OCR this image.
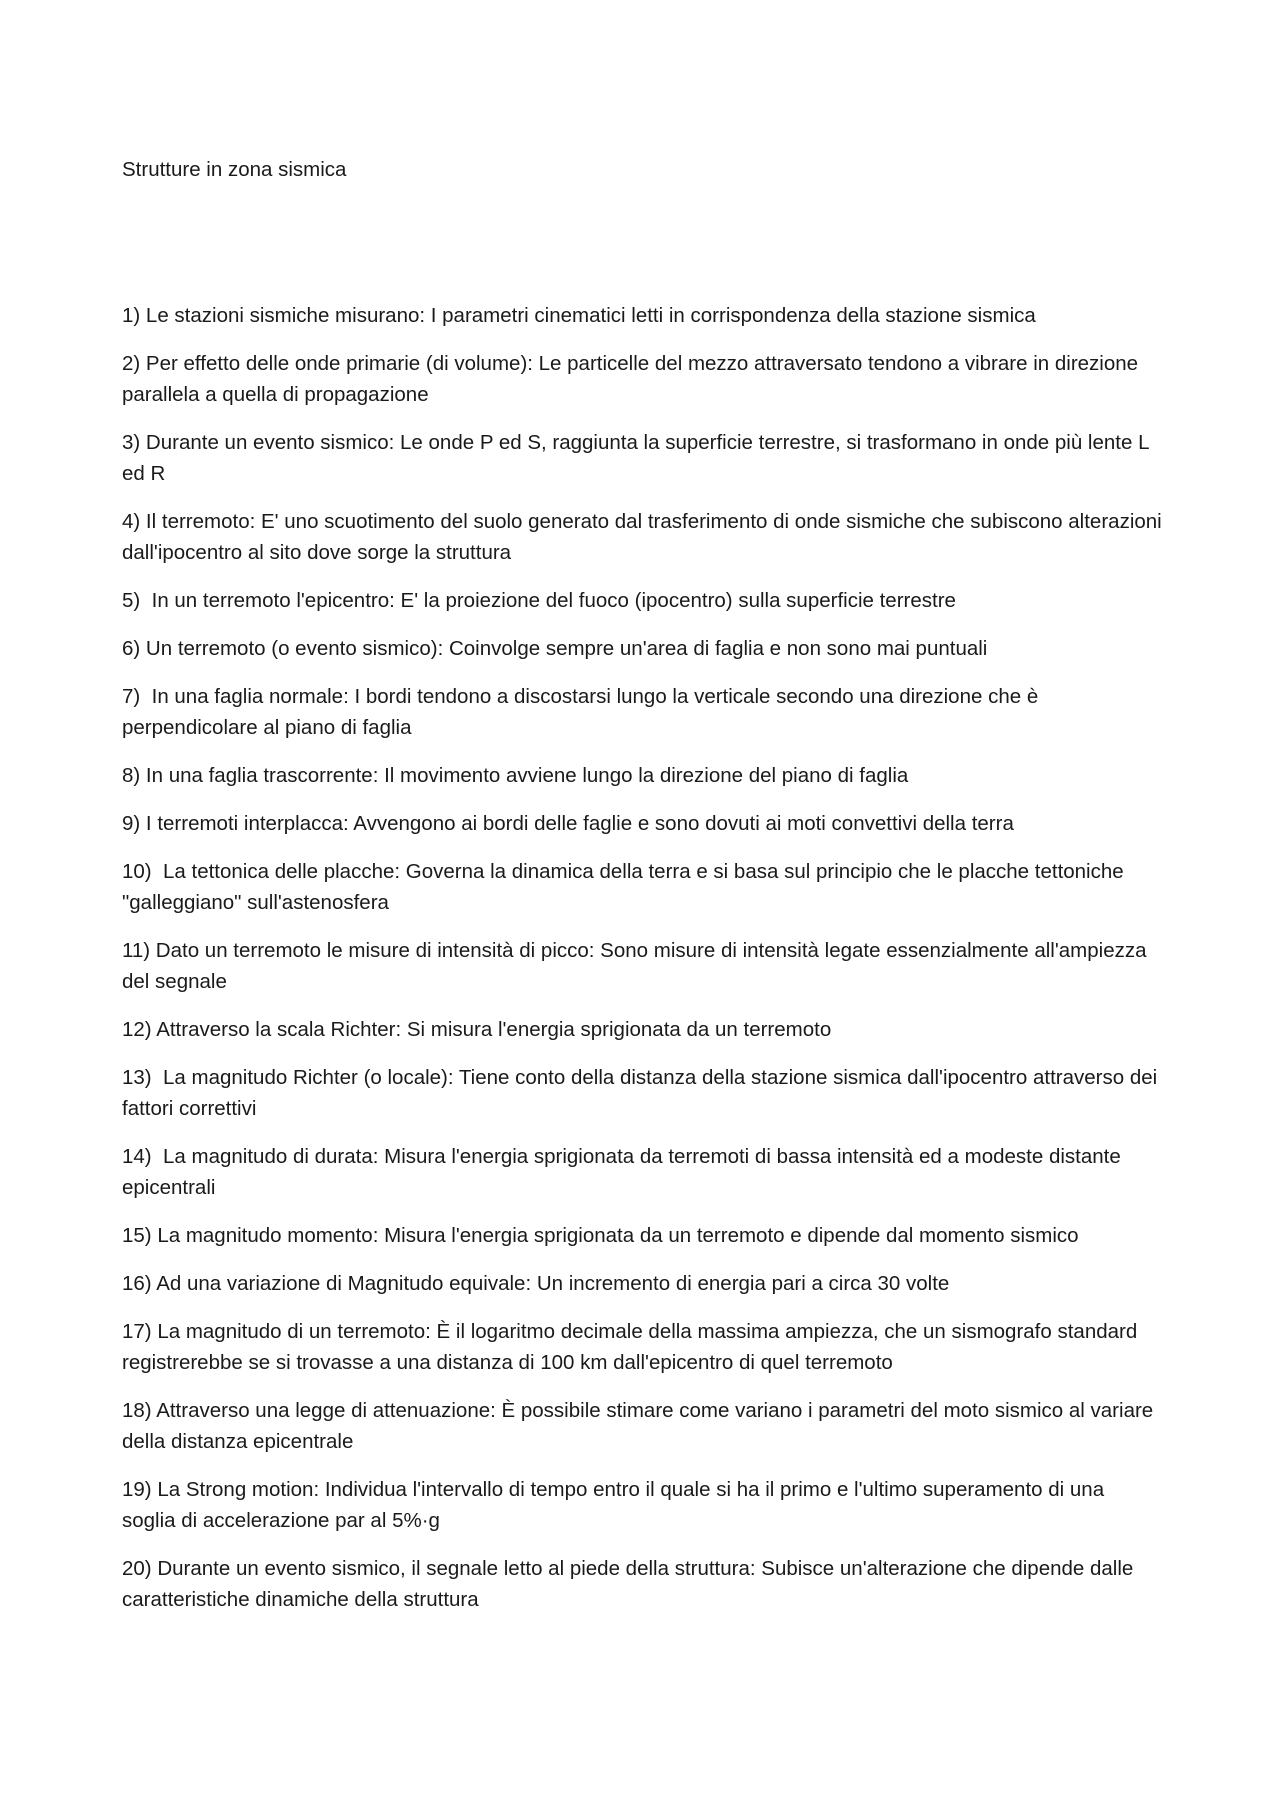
Strutture in zona sismica
1) Le stazioni sismiche misurano: I parametri cinematici letti in corrispondenza della stazione sismica
2) Per effetto delle onde primarie (di volume): Le particelle del mezzo attraversato tendono a vibrare in direzione parallela a quella di propagazione
3) Durante un evento sismico: Le onde P ed S, raggiunta la superficie terrestre, si trasformano in onde più lente L ed R
4) Il terremoto: E' uno scuotimento del suolo generato dal trasferimento di onde sismiche che subiscono alterazioni dall'ipocentro al sito dove sorge la struttura
5)  In un terremoto l'epicentro: E' la proiezione del fuoco (ipocentro) sulla superficie terrestre
6) Un terremoto (o evento sismico): Coinvolge sempre un'area di faglia e non sono mai puntuali
7)  In una faglia normale: I bordi tendono a discostarsi lungo la verticale secondo una direzione che è perpendicolare al piano di faglia
8) In una faglia trascorrente: Il movimento avviene lungo la direzione del piano di faglia
9) I terremoti interplacca: Avvengono ai bordi delle faglie e sono dovuti ai moti convettivi della terra
10)  La tettonica delle placche: Governa la dinamica della terra e si basa sul principio che le placche tettoniche "galleggiano" sull'astenosfera
11) Dato un terremoto le misure di intensità di picco: Sono misure di intensità legate essenzialmente all'ampiezza del segnale
12) Attraverso la scala Richter: Si misura l'energia sprigionata da un terremoto
13)  La magnitudo Richter (o locale): Tiene conto della distanza della stazione sismica dall'ipocentro attraverso dei fattori correttivi
14)  La magnitudo di durata: Misura l'energia sprigionata da terremoti di bassa intensità ed a modeste distante epicentrali
15) La magnitudo momento: Misura l'energia sprigionata da un terremoto e dipende dal momento sismico
16) Ad una variazione di Magnitudo equivale: Un incremento di energia pari a circa 30 volte
17) La magnitudo di un terremoto: È il logaritmo decimale della massima ampiezza, che un sismografo standard registrerebbe se si trovasse a una distanza di 100 km dall'epicentro di quel terremoto
18) Attraverso una legge di attenuazione: È possibile stimare come variano i parametri del moto sismico al variare della distanza epicentrale
19) La Strong motion: Individua l'intervallo di tempo entro il quale si ha il primo e l'ultimo superamento di una soglia di accelerazione par al 5%·g
20) Durante un evento sismico, il segnale letto al piede della struttura: Subisce un'alterazione che dipende dalle caratteristiche dinamiche della struttura
